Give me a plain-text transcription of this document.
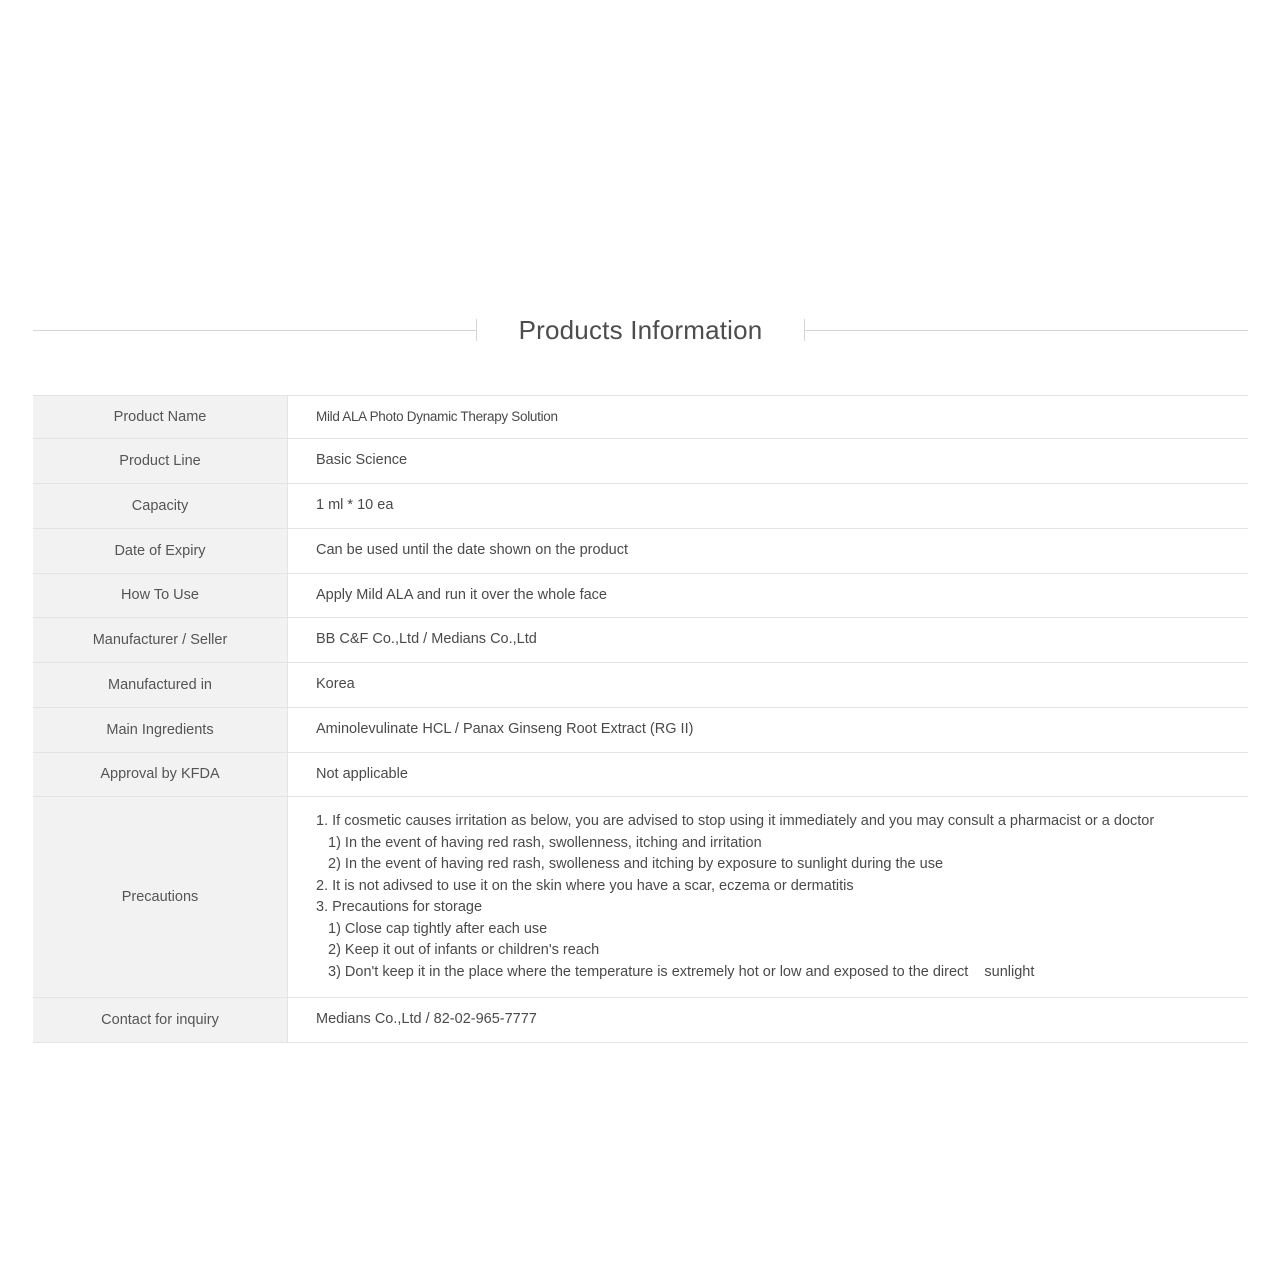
Products Information
Product Name	Mild ALA Photo Dynamic Therapy Solution
Product Line	Basic Science
Capacity	1 ml * 10 ea
Date of Expiry	Can be used until the date shown on the product
How To Use	Apply Mild ALA and run it over the whole face
Manufacturer / Seller	BB C&F Co.,Ltd / Medians Co.,Ltd
Manufactured in	Korea
Main Ingredients	Aminolevulinate HCL / Panax Ginseng Root Extract (RG II)
Approval by KFDA	Not applicable
Precautions	
1. If cosmetic causes irritation as below, you are advised to stop using it immediately and you may consult a pharmacist or a doctor
1) In the event of having red rash, swollenness, itching and irritation
2) In the event of having red rash, swolleness and itching by exposure to sunlight during the use
2. It is not adivsed to use it on the skin where you have a scar, eczema or dermatitis
3. Precautions for storage
1) Close cap tightly after each use
2) Keep it out of infants or children's reach
3) Don't keep it in the place where the temperature is extremely hot or low and exposed to the direct    sunlight

Contact for inquiry	Medians Co.,Ltd / 82-02-965-7777
